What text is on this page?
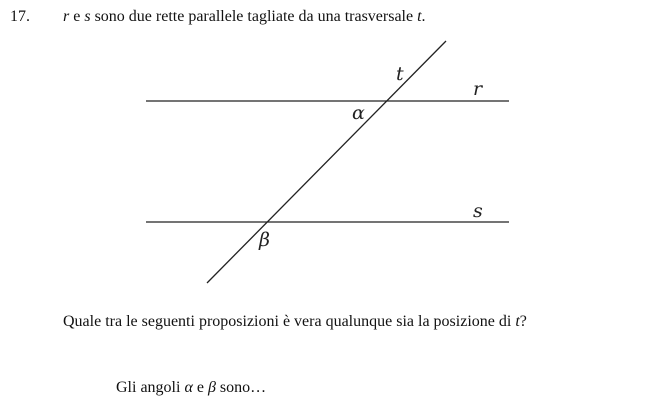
17. r e s sono due rette parallele tagliate da una trasversale t.
t
r
s
α
β
Quale tra le seguenti proposizioni è vera qualunque sia la posizione di t?
Gli angoli α e β sono…
